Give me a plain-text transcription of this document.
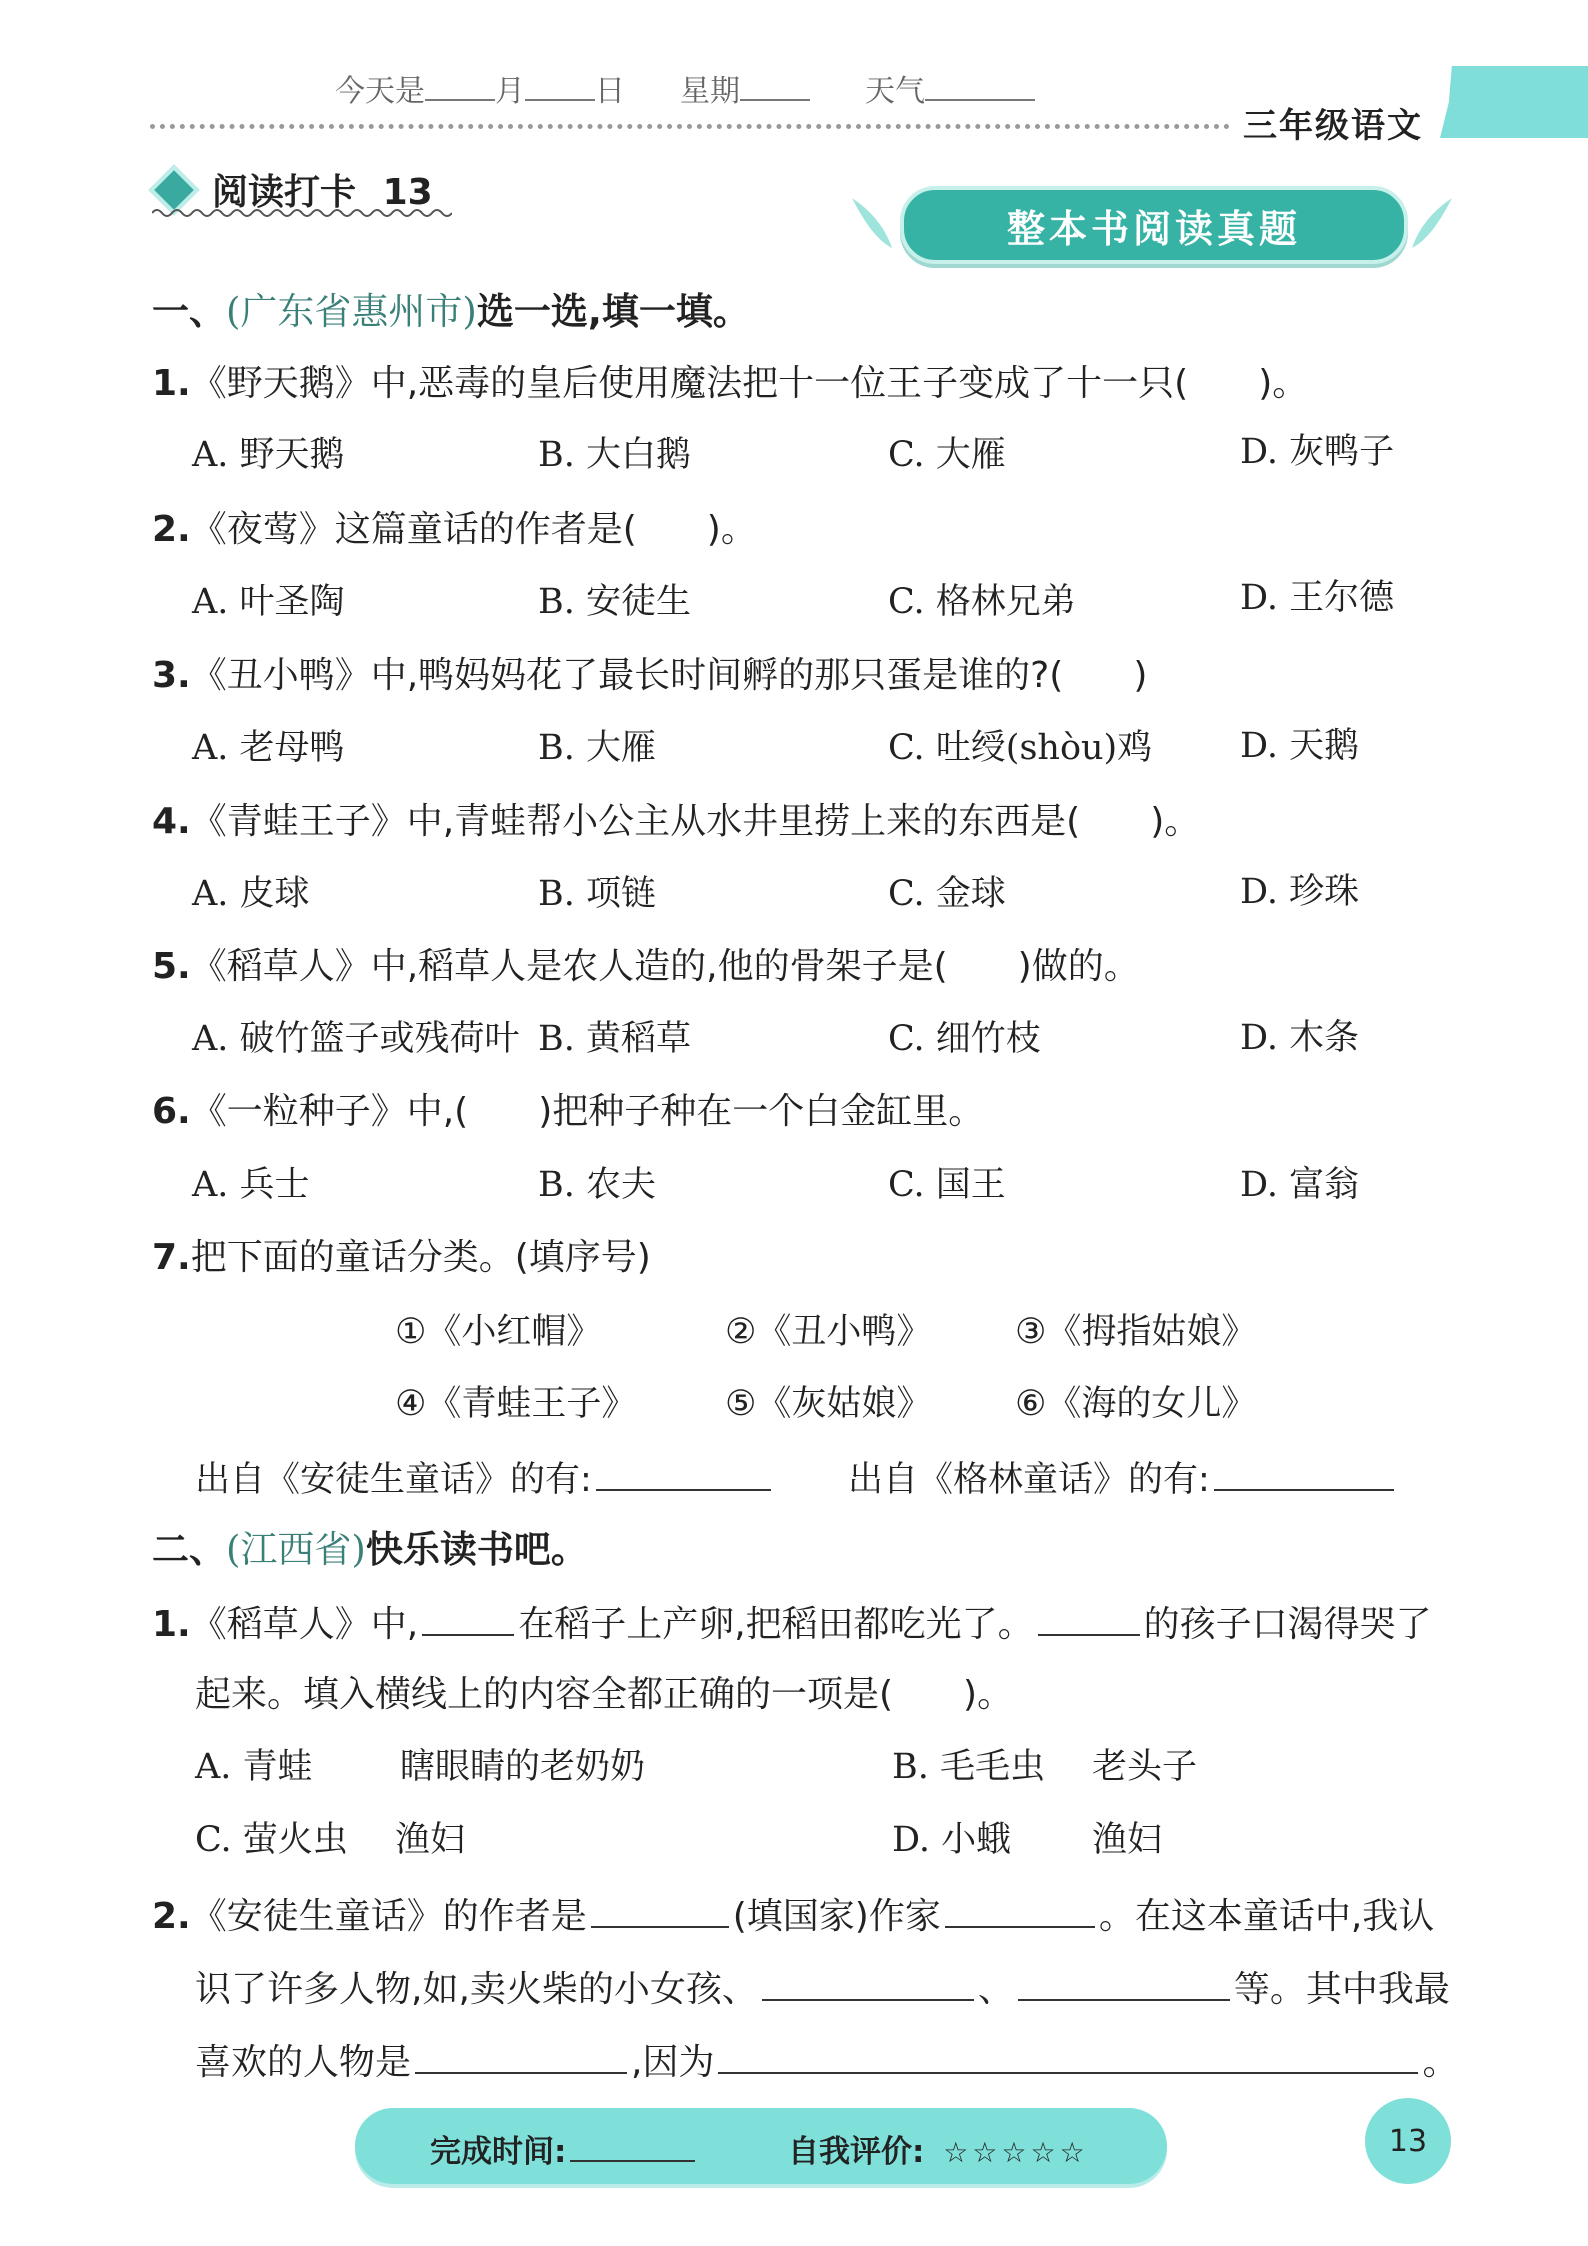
今天是 月 日 星期	天气
三年级语文
阅读打卡 13
整本书阅读真题
一、(广东省惠州市)选一选,填一填。
1.《野天鹅》中,恶毒的皇后使用魔法把十一位王子变成了十一只( )。
A. 野天鹅	B. 大白鹅	C. 大雁	D. 灰鸭子
2.《夜莺》这篇童话的作者是( )。
A. 叶圣陶	B. 安徒生	C. 格林兄弟	D. 王尔德
3.《丑小鸭》中,鸭妈妈花了最长时间孵的那只蛋是谁的?( )
A. 老母鸭	B. 大雁	C. 吐绶(shòu)鸡	D. 天鹅
4.《青蛙王子》中,青蛙帮小公主从水井里捞上来的东西是( )。
A. 皮球	B. 项链	C. 金球	D. 珍珠
5.《稻草人》中,稻草人是农人造的,他的骨架子是( )做的。
A. 破竹篮子或残荷叶 B. 黄稻草	C. 细竹枝	D. 木条
6.《一粒种子》中,( )把种子种在一个白金缸里。
A. 兵士	B. 农夫	C. 国王	D. 富翁
7.把下面的童话分类。(填序号)
①《小红帽》	②《丑小鸭》 ③《拇指姑娘》
④《青蛙王子》	⑤《灰姑娘》 ⑥《海的女儿》
出自《安徒生童话》的有:	出自《格林童话》的有:
二、(江西省)快乐读书吧。
1.《稻草人》中,	在稻子上产卵,把稻田都吃光了。	的孩子口渴得哭了
起来。填入横线上的内容全都正确的一项是( )。
A. 青蛙 瞎眼睛的老奶奶	B. 毛毛虫 老头子
C. 萤火虫 渔妇	D. 小蛾 渔妇
2.《安徒生童话》的作者是	(填国家)作家	。在这本童话中,我认
识了许多人物,如,卖火柴的小女孩、	、	等。其中我最
喜欢的人物是	,因为	。
完成时间:	自我评价: ☆☆☆☆☆	13
